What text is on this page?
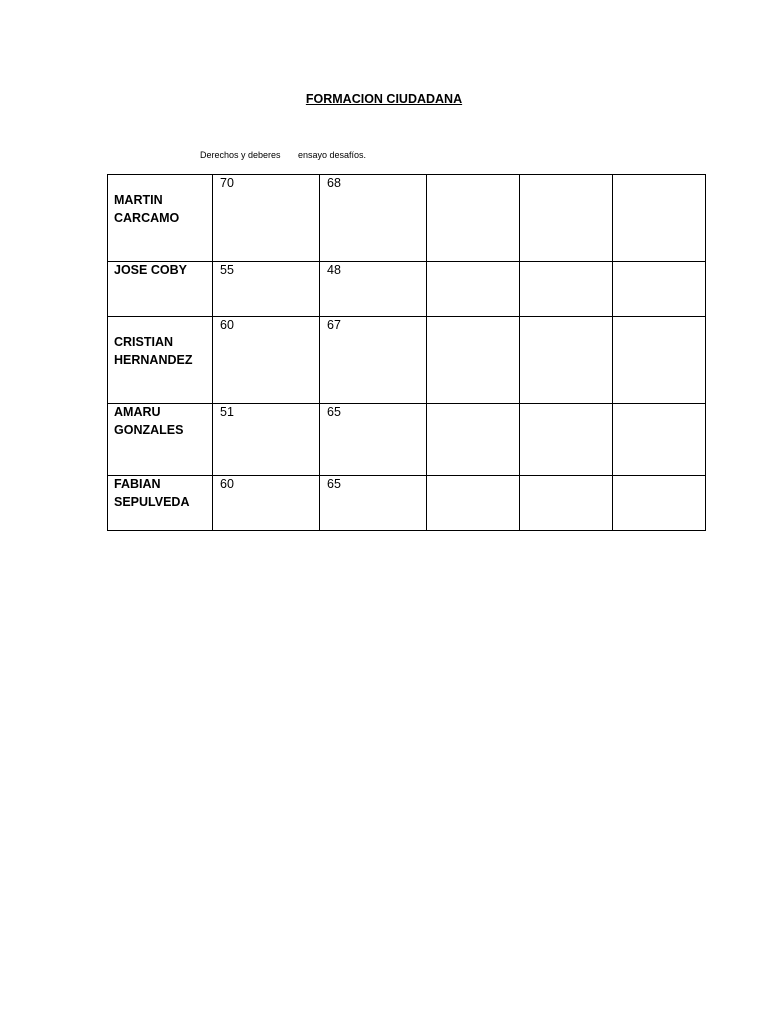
FORMACION CIUDADANA
Derechos y deberes ensayo desafíos.
MARTIN CARCAMO	70	68			
JOSE COBY	55	48			
CRISTIAN HERNANDEZ	60	67			
AMARU GONZALES	51	65			
FABIAN SEPULVEDA	60	65			
